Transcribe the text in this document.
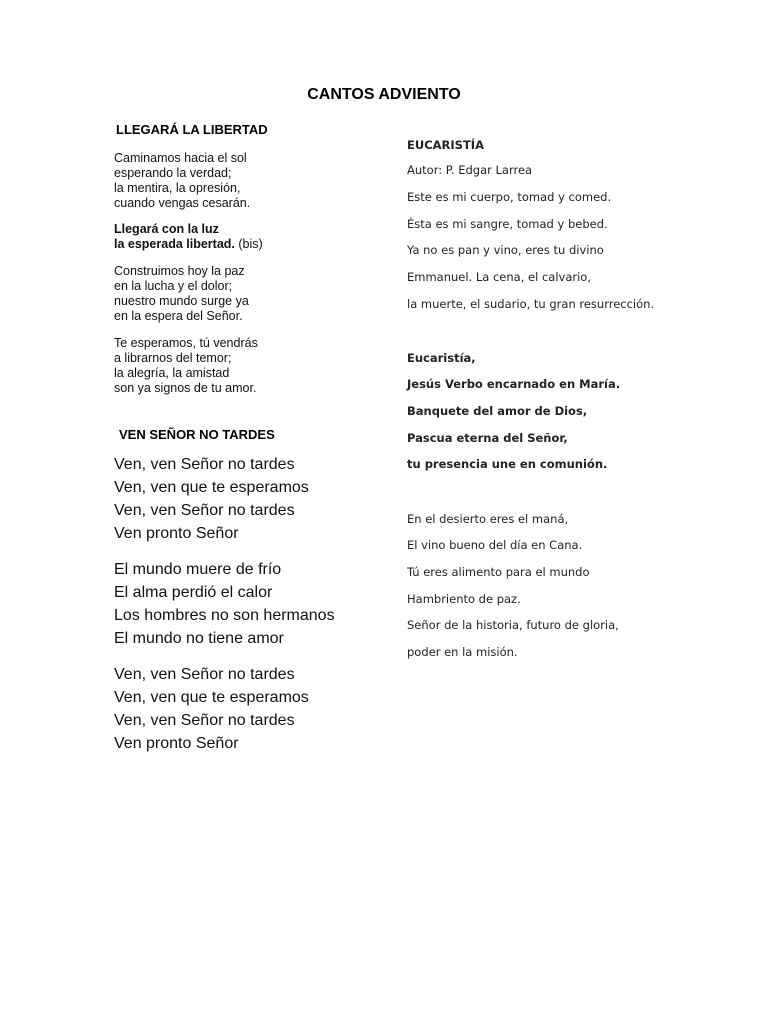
CANTOS ADVIENTO
LLEGARÁ LA LIBERTAD
Caminamos hacia el sol
esperando la verdad;
la mentira, la opresión,
cuando vengas cesarán.
Llegará con la luz
la esperada libertad. (bis)
Construimos hoy la paz
en la lucha y el dolor;
nuestro mundo surge ya
en la espera del Señor.
Te esperamos, tú vendrás
a librarnos del temor;
la alegría, la amistad
son ya signos de tu amor.
VEN SEÑOR NO TARDES
Ven, ven Señor no tardes
Ven, ven que te esperamos
Ven, ven Señor no tardes
Ven pronto Señor
El mundo muere de frío
El alma perdió el calor
Los hombres no son hermanos
El mundo no tiene amor
Ven, ven Señor no tardes
Ven, ven que te esperamos
Ven, ven Señor no tardes
Ven pronto Señor
EUCARISTÍA
Autor: P. Edgar Larrea
Este es mi cuerpo, tomad y comed.
Ésta es mi sangre, tomad y bebed.
Ya no es pan y vino, eres tu divino
Emmanuel. La cena, el calvario,
la muerte, el sudario, tu gran resurrección.
Eucaristía,
Jesús Verbo encarnado en María.
Banquete del amor de Dios,
Pascua eterna del Señor,
tu presencia une en comunión.
En el desierto eres el maná,
El vino bueno del día en Cana.
Tú eres alimento para el mundo
Hambriento de paz.
Señor de la historia, futuro de gloria,
poder en la misión.
